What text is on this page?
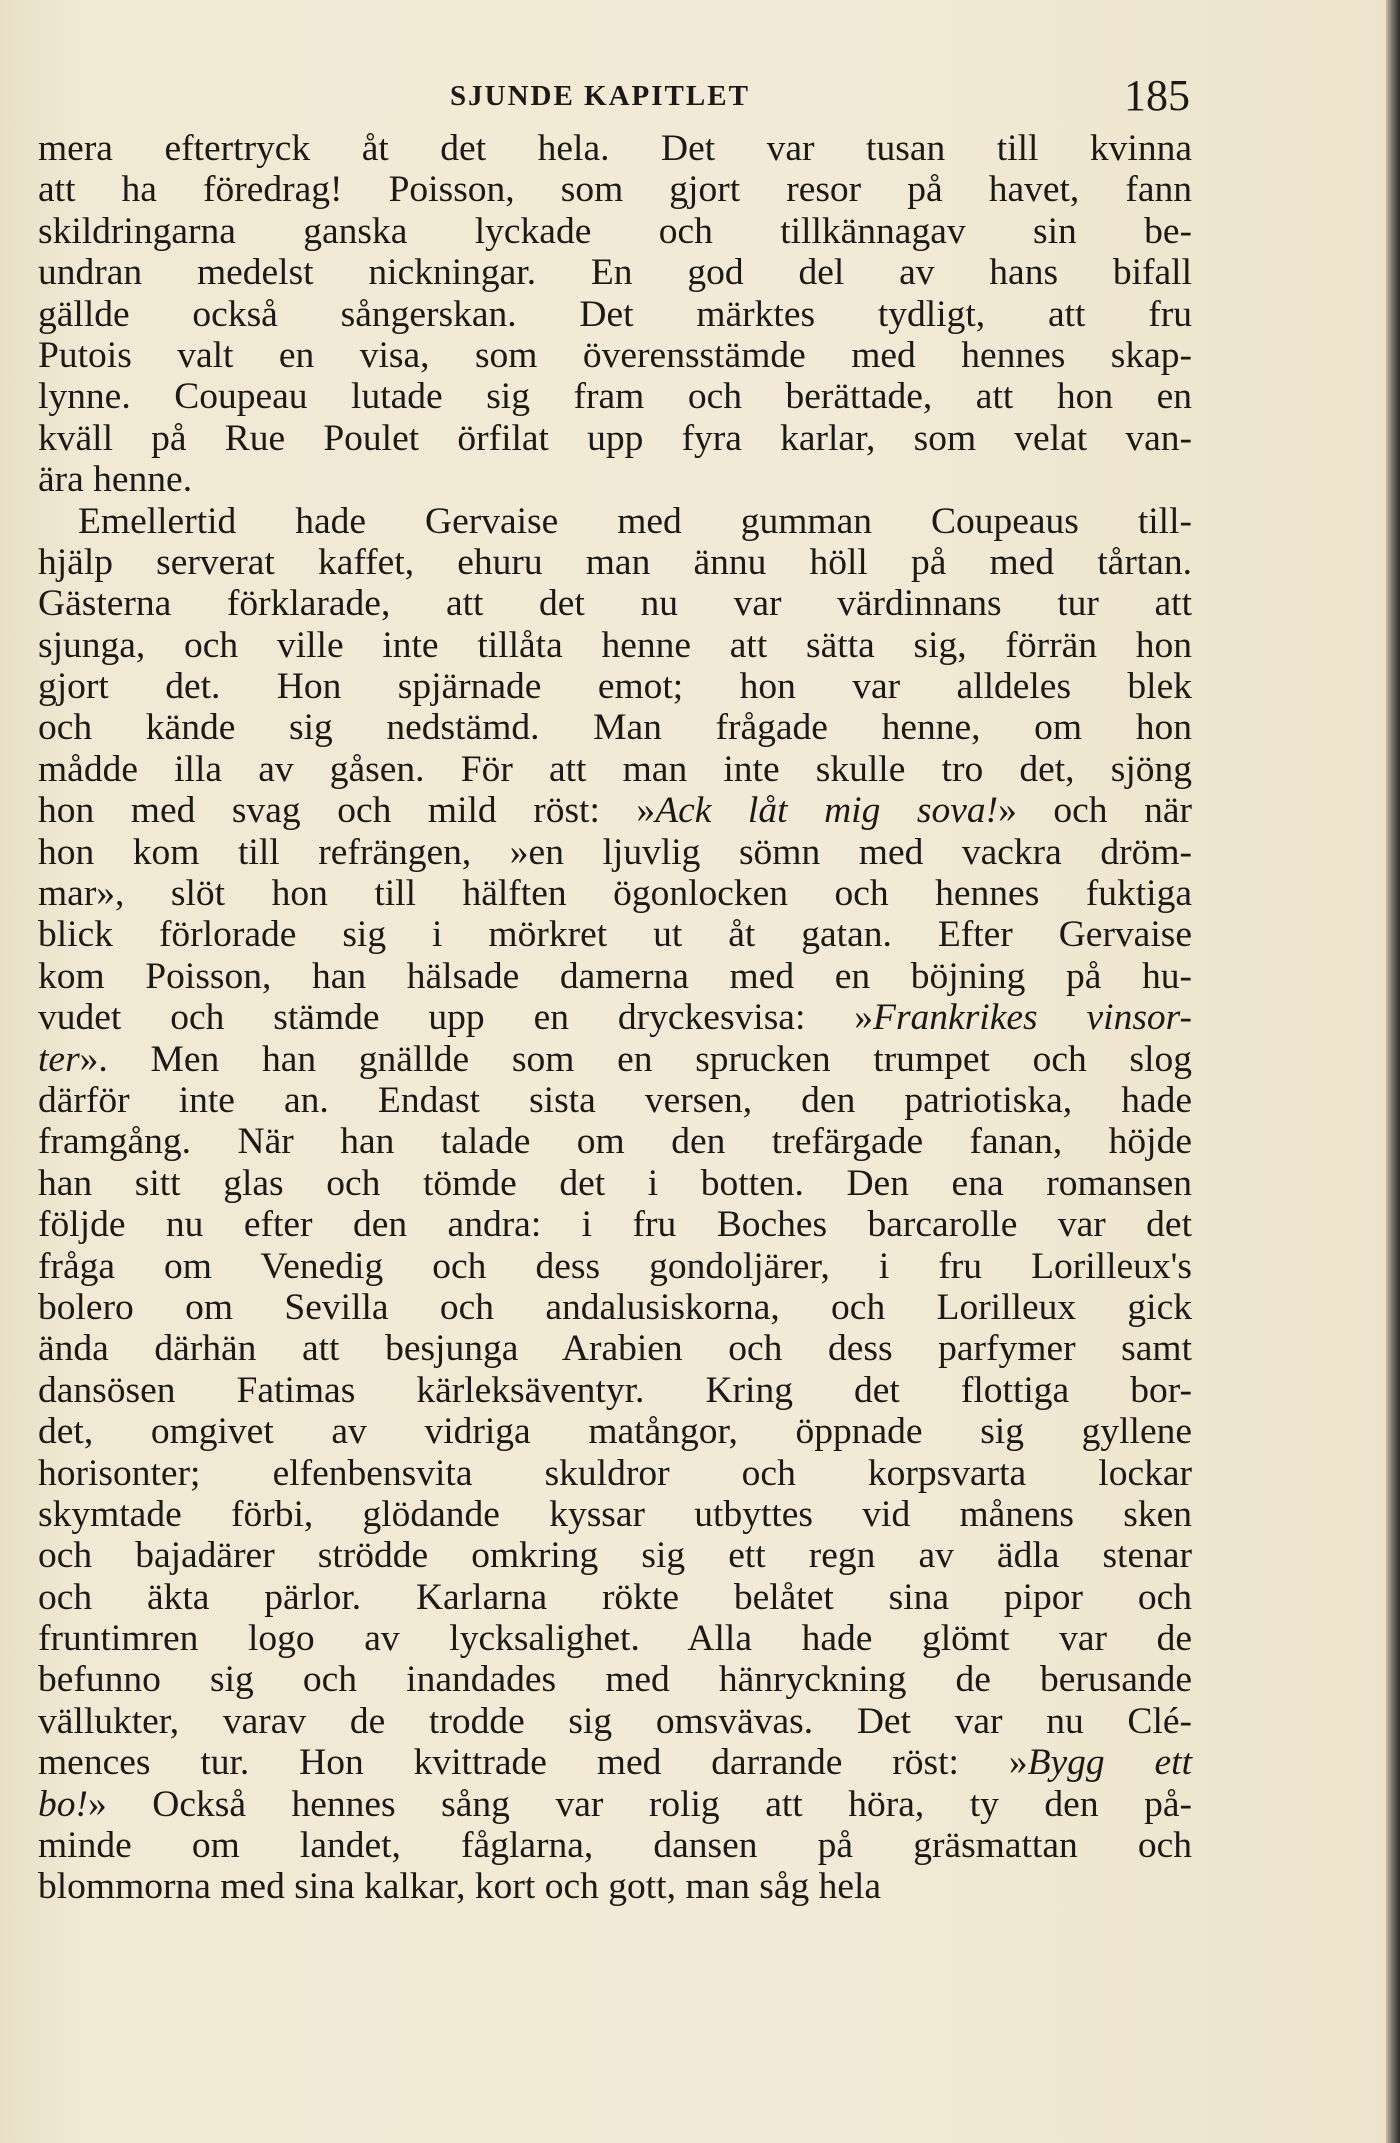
SJUNDE KAPITLET	185
mera eftertryck åt det hela. Det var tusan till kvinna
att ha föredrag! Poisson, som gjort resor på havet, fann
skildringarna ganska lyckade och tillkännagav sin be-
undran medelst nickningar. En god del av hans bifall
gällde också sångerskan. Det märktes tydligt, att fru
Putois valt en visa, som överensstämde med hennes skap-
lynne. Coupeau lutade sig fram och berättade, att hon en
kväll på Rue Poulet örfilat upp fyra karlar, som velat van-
ära henne.
Emellertid hade Gervaise med gumman Coupeaus till-
hjälp serverat kaffet, ehuru man ännu höll på med tårtan.
Gästerna förklarade, att det nu var värdinnans tur att
sjunga, och ville inte tillåta henne att sätta sig, förrän hon
gjort det. Hon spjärnade emot; hon var alldeles blek
och kände sig nedstämd. Man frågade henne, om hon
mådde illa av gåsen. För att man inte skulle tro det, sjöng
hon med svag och mild röst: »Ack låt mig sova!» och när
hon kom till refrängen, »en ljuvlig sömn med vackra dröm-
mar», slöt hon till hälften ögonlocken och hennes fuktiga
blick förlorade sig i mörkret ut åt gatan. Efter Gervaise
kom Poisson, han hälsade damerna med en böjning på hu-
vudet och stämde upp en dryckesvisa: »Frankrikes vinsor-
ter». Men han gnällde som en sprucken trumpet och slog
därför inte an. Endast sista versen, den patriotiska, hade
framgång. När han talade om den trefärgade fanan, höjde
han sitt glas och tömde det i botten. Den ena romansen
följde nu efter den andra: i fru Boches barcarolle var det
fråga om Venedig och dess gondoljärer, i fru Lorilleux's
bolero om Sevilla och andalusiskorna, och Lorilleux gick
ända därhän att besjunga Arabien och dess parfymer samt
dansösen Fatimas kärleksäventyr. Kring det flottiga bor-
det, omgivet av vidriga matångor, öppnade sig gyllene
horisonter; elfenbensvita skuldror och korpsvarta lockar
skymtade förbi, glödande kyssar utbyttes vid månens sken
och bajadärer strödde omkring sig ett regn av ädla stenar
och äkta pärlor. Karlarna rökte belåtet sina pipor och
fruntimren logo av lycksalighet. Alla hade glömt var de
befunno sig och inandades med hänryckning de berusande
vällukter, varav de trodde sig omsvävas. Det var nu Clé-
mences tur. Hon kvittrade med darrande röst: »Bygg ett
bo!» Också hennes sång var rolig att höra, ty den på-
minde om landet, fåglarna, dansen på gräsmattan och
blommorna med sina kalkar, kort och gott, man såg hela
